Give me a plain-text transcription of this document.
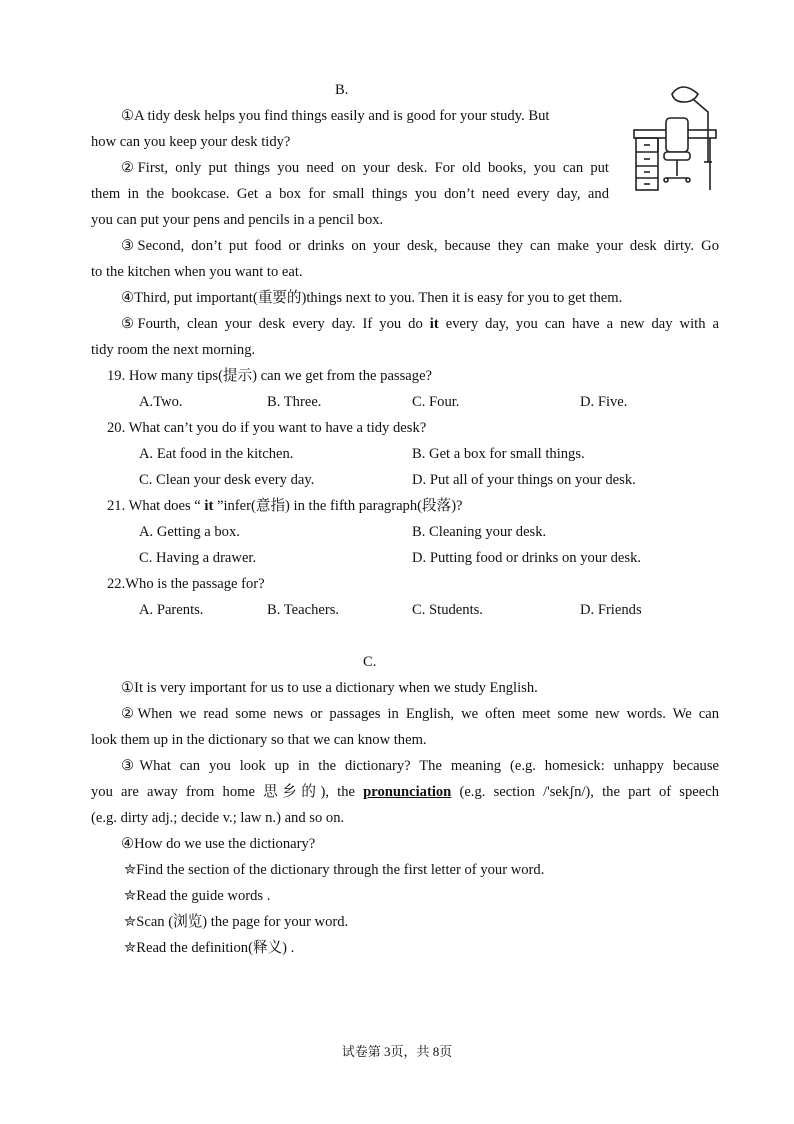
B.
①A tidy desk helps you find things easily and is good for your study. But
how can you keep your desk tidy?
②First, only put things you need on your desk. For old books, you can put
them in the bookcase. Get a box for small things you don’t need every day, and
you can put your pens and pencils in a pencil box.
③Second, don’t put food or drinks on your desk, because they can make your desk dirty. Go
to the kitchen when you want to eat.
④Third, put important(重要的)things next to you. Then it is easy for you to get them.
⑤Fourth, clean your desk every day. If you do it every day, you can have a new day with a
tidy room the next morning.
19. How many tips(提示) can we get from the passage?
A.Two.	B. Three.	C. Four.	D. Five.
20. What can’t you do if you want to have a tidy desk?
A. Eat food in the kitchen.	B. Get a box for small things.
C. Clean your desk every day.	D. Put all of your things on your desk.
21. What does “ it ”infer(意指) in the fifth paragraph(段落)?
A. Getting a box.	B. Cleaning your desk.
C. Having a drawer.	D. Putting food or drinks on your desk.
22.Who is the passage for?
A. Parents.	B. Teachers.	C. Students.	D. Friends
C.
①It is very important for us to use a dictionary when we study English.
②When we read some news or passages in English, we often meet some new words. We can
look them up in the dictionary so that we can know them.
③What can you look up in the dictionary? The meaning (e.g. homesick: unhappy because
you are away from home 思乡的), the pronunciation (e.g. section /'sekʃn/), the part of speech
(e.g. dirty adj.; decide v.; law n.) and so on.
④How do we use the dictionary?
✮Find the section of the dictionary through the first letter of your word.
✮Read the guide words .
✮Scan (浏览) the page for your word.
✮Read the definition(释义) .
试卷第 3页，共 8页
